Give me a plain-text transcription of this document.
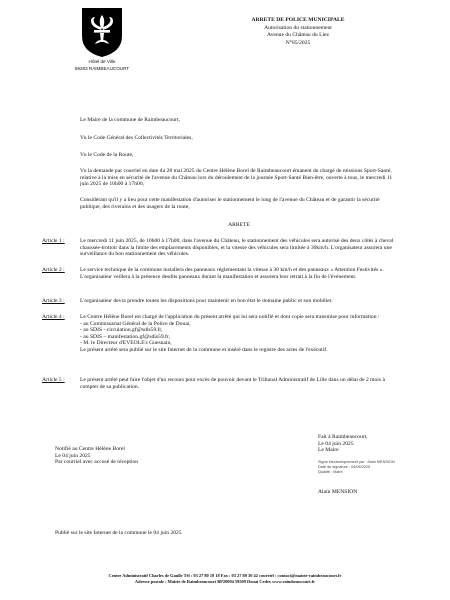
Hôtel de Ville
59283 RAIMBEAUCOURT
ARRETE DE POLICE MUNICIPALE
Autorisation du stationnement
Avenue du Château du Liez
N°85/2025
Le Maire de la commune de Raimbeaucourt,
Vu le Code Général des Collectivités Territoriales,
Vu le Code de la Route,
Vu la demande par courriel en date du 28 mai 2025 du Centre Hélène Borel de Raimbeaucourt émanent du chargé de missions Sport-Santé, relative à la mise en sécurité de l'avenue du Château lors du déroulement de la journée Sport-Santé Bien-être, ouverte à tous, le mercredi 11 juin 2025 de 10h00 à 17h00,
Considérant qu'il y a lieu pour cette manifestation d'autoriser le stationnement le long de l'avenue du Château et de garantir la sécurité publique, des riverains et des usagers de la route,
ARRETE
Article 1 :	Le mercredi 11 juin 2025, de 10h00 à 17h00, dans l'avenue du Château, le stationnement des véhicules sera autorisé des deux côtés à cheval chaussée-trottoir dans la limite des emplacements disponibles, et la vitesse des véhicules sera limitée à 30km/h. L'organisateur assurera une surveillance du bon stationnement des véhicules.
Article 2 :	Le service technique de la commune installera des panneaux réglementant la vitesse à 30 km/h et des panneaux « Attention Festivités ». L'organisateur veillera à la présence desdits panneaux durant la manifestation et assurera leur retrait à la fin de l'évènement.
Article 3 :	L'organisateur devra prendre toutes les dispositions pour maintenir en bon état le domaine public et son mobilier.
Article 4 :	Le Centre Hélène Borel est chargé de l'application du présent arrêté qui lui sera notifié et dont copie sera transmise pour information :
- au Commissariat Général de la Police de Douai,
- au SDIS - circulation.gf@sdis59.fr,
- au SDIS – manifestation.gf@sdis59.fr,
- M. le Directeur d'EVEOLE's Guesnain,
Le présent arrêté sera publié sur le site Internet de la commune et inséré dans le registre des actes de l'exécutif.
Article 5 :	Le présent arrêté peut faire l'objet d'un recours pour excès de pouvoir devant le Tribunal Administratif de Lille dans un délai de 2 mois à compter de sa publication.
Notifié au Centre Hélène Borel
Le 04 juin 2025
Par courriel avec accusé de réception
Fait à Raimbeaucourt,
Le 04 juin 2025
Le Maire
Signé électroniquement par : Alain MENSION
Date de signature : 04/06/2025
Qualité : Maire
Alain MENSION
Publié sur le site Internet de la commune le 04 juin 2025
Centre Administratif Charles de Gaulle Tél : 03 27 80 18 18 Fax : 03 27 80 30 42 courriel : contact@mairie-raimbeaucourt.fr
Adresse postale : Mairie de Raimbeaucourt BP20094 59509 Douai Cedex www.raimbeaucourt.fr
